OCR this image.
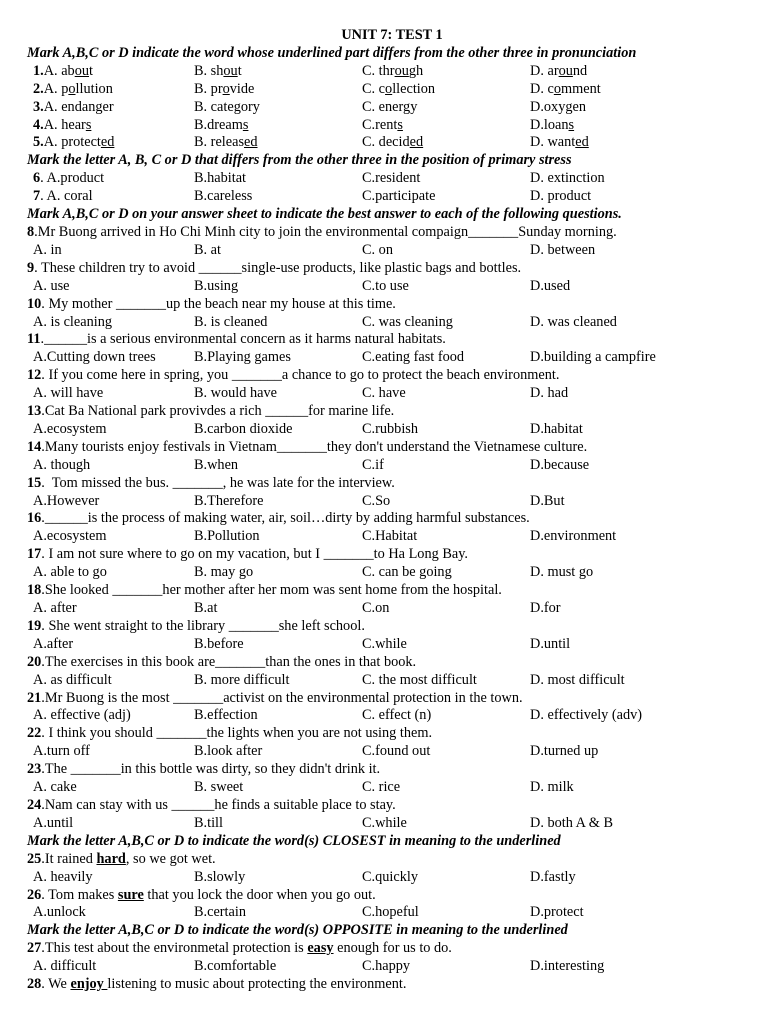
UNIT 7: TEST 1
Mark A,B,C or D indicate the word whose underlined part differs from the other three in pronunciation
1.A. about	B. shout	C. through	D. around
2.A. pollution	B. provide	C. collection	D. comment
3.A. endanger	B. category	C. energy	D.oxygen
4.A. hears	B.dreams	C.rents	D.loans
5.A. protected	B. released	C. decided	D. wanted
Mark the letter A, B, C or D that differs from the other three in the position of primary stress
6. A.product	B.habitat	C.resident	D. extinction
7. A. coral	B.careless	C.participate	D. product
Mark A,B,C or D on your answer sheet to indicate the best answer to each of the following questions.
8.Mr Buong arrived in Ho Chi Minh city to join the environmental compaign_______Sunday morning.
A. in	B. at	C. on	D. between
9. These children try to avoid ______single-use products, like plastic bags and bottles.
A. use	B.using	C.to use	D.used
10. My mother _______up the beach near my house at this time.
A. is cleaning	B. is cleaned	C. was cleaning	D. was cleaned
11.______is a serious environmental concern as it harms natural habitats.
A.Cutting down trees	B.Playing games	C.eating fast food	D.building a campfire
12. If you come here in spring, you _______a chance to go to protect the beach environment.
A. will have	B. would have	C. have	D. had
13.Cat Ba National park provivdes a rich ______for marine life.
A.ecosystem	B.carbon dioxide	C.rubbish	D.habitat
14.Many tourists enjoy festivals in Vietnam_______they don't understand the Vietnamese culture.
A. though	B.when	C.if	D.because
15.  Tom missed the bus. _______, he was late for the interview.
A.However	B.Therefore	C.So	D.But
16.______is the process of making water, air, soil…dirty by adding harmful substances.
A.ecosystem	B.Pollution	C.Habitat	D.environment
17. I am not sure where to go on my vacation, but I _______to Ha Long Bay.
A. able to go	B. may go	C. can be going	D. must go
18.She looked _______her mother after her mom was sent home from the hospital.
A. after	B.at	C.on	D.for
19. She went straight to the library _______she left school.
A.after	B.before	C.while	D.until
20.The exercises in this book are_______than the ones in that book.
A. as difficult	B. more difficult	C. the most difficult	D. most difficult
21.Mr Buong is the most _______activist on the environmental protection in the town.
A. effective (adj)	B.effection	C. effect (n)	D. effectively (adv)
22. I think you should _______the lights when you are not using them.
A.turn off	B.look after	C.found out	D.turned up
23.The _______in this bottle was dirty, so they didn't drink it.
A. cake	B. sweet	C. rice	D. milk
24.Nam can stay with us ______he finds a suitable place to stay.
A.until	B.till	C.while	D. both A & B
Mark the letter A,B,C or D to indicate the word(s) CLOSEST in meaning to the underlined
25.It rained hard, so we got wet.
A. heavily	B.slowly	C.quickly	D.fastly
26. Tom makes sure that you lock the door when you go out.
A.unlock	B.certain	C.hopeful	D.protect
Mark the letter A,B,C or D to indicate the word(s) OPPOSITE in meaning to the underlined
27.This test about the environmetal protection is easy enough for us to do.
A. difficult	B.comfortable	C.happy	D.interesting
28. We enjoy listening to music about protecting the environment.
